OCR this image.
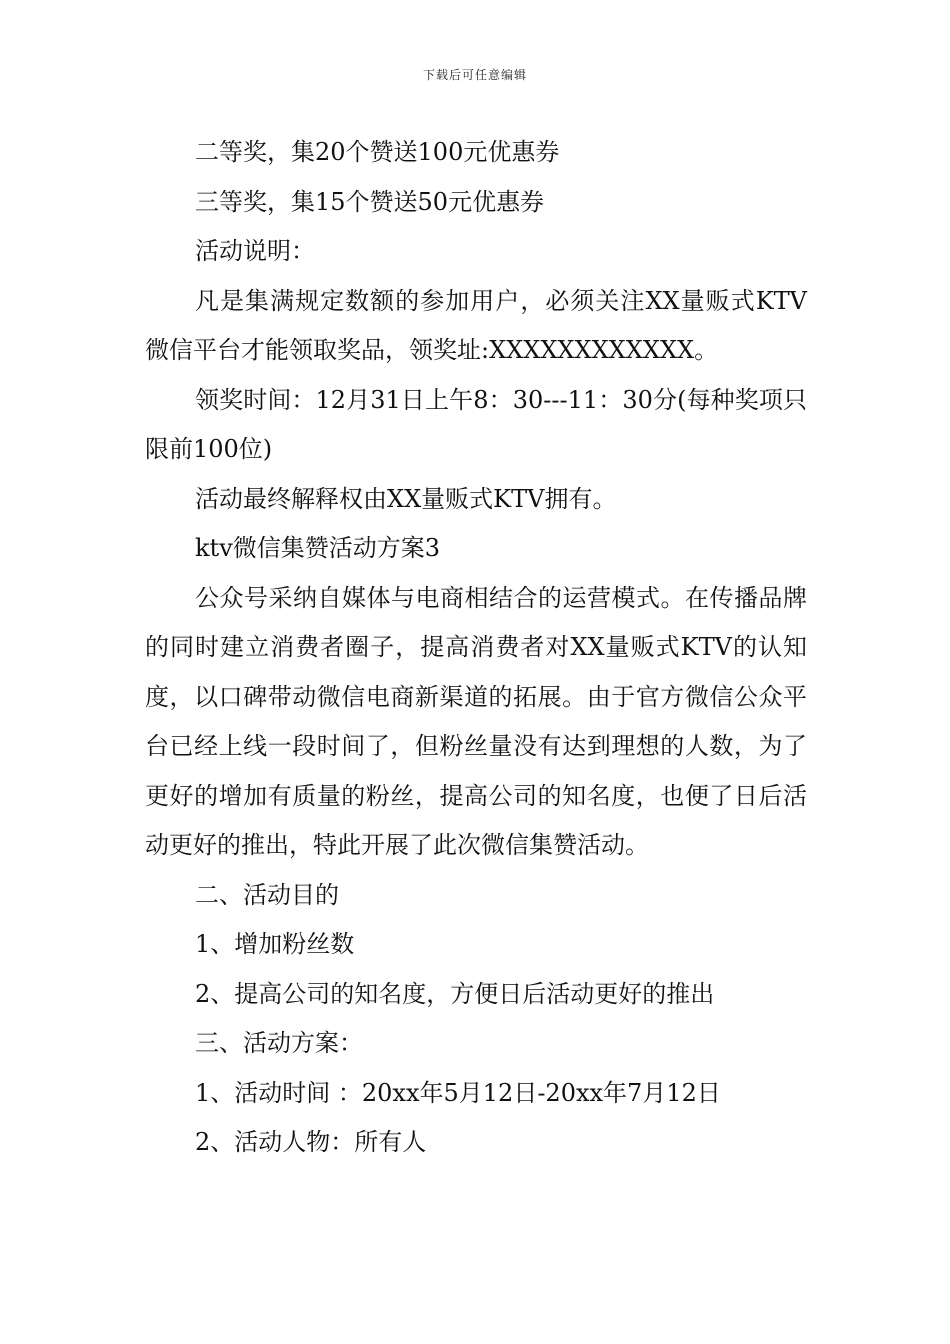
下载后可任意编辑

二等奖，集20个赞送100元优惠券

三等奖，集15个赞送50元优惠券

活动说明：

凡是集满规定数额的参加用户，必须关注XX量贩式KTV微信平台才能领取奖品，领奖址:XXXXXXXXXXXX。

领奖时间：12月31日上午8：30---11：30分(每种奖项只限前100位)

活动最终解释权由XX量贩式KTV拥有。

ktv微信集赞活动方案3

公众号采纳自媒体与电商相结合的运营模式。在传播品牌的同时建立消费者圈子，提高消费者对XX量贩式KTV的认知度，以口碑带动微信电商新渠道的拓展。由于官方微信公众平台已经上线一段时间了，但粉丝量没有达到理想的人数，为了更好的增加有质量的粉丝，提高公司的知名度，也便了日后活动更好的推出，特此开展了此次微信集赞活动。

二、活动目的

1、增加粉丝数

2、提高公司的知名度，方便日后活动更好的推出

三、活动方案：

1、活动时间 ：20xx年5月12日-20xx年7月12日

2、活动人物：所有人
